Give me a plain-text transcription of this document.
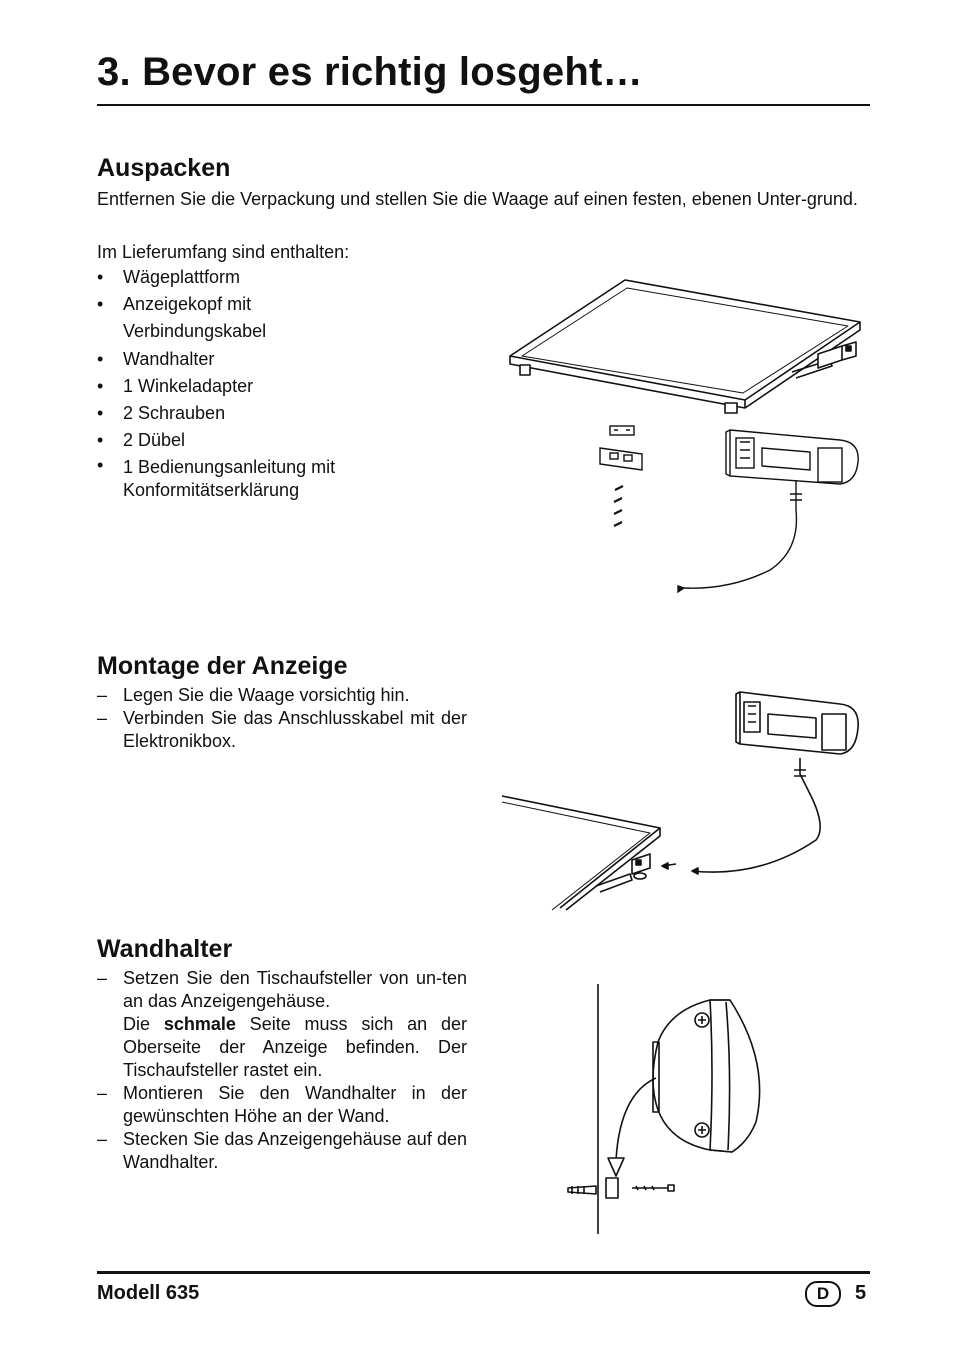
3. Bevor es richtig losgeht…
Auspacken

Entfernen Sie die Verpackung und stellen Sie die Waage auf einen festen, ebenen Unter-grund.

Im Lieferumfang sind enthalten:

•	Wägeplattform
•	Anzeigekopf mit Verbindungskabel
•	Wandhalter
•	1 Winkeladapter
•	2 Schrauben
•	2 Dübel
•	1 Bedienungsanleitung mit Konformitätserklärung
Montage der Anzeige
– Legen Sie die Waage vorsichtig hin.
– Verbinden Sie das Anschlusskabel mit der Elektronikbox.
Wandhalter
– Setzen Sie den Tischaufsteller von un-ten an das Anzeigengehäuse.
Die schmale Seite muss sich an der Oberseite der Anzeige befinden. Der Tischaufsteller rastet ein.
– Montieren Sie den Wandhalter in der gewünschten Höhe an der Wand.
– Stecken Sie das Anzeigengehäuse auf den Wandhalter.
Modell 635	D	5
